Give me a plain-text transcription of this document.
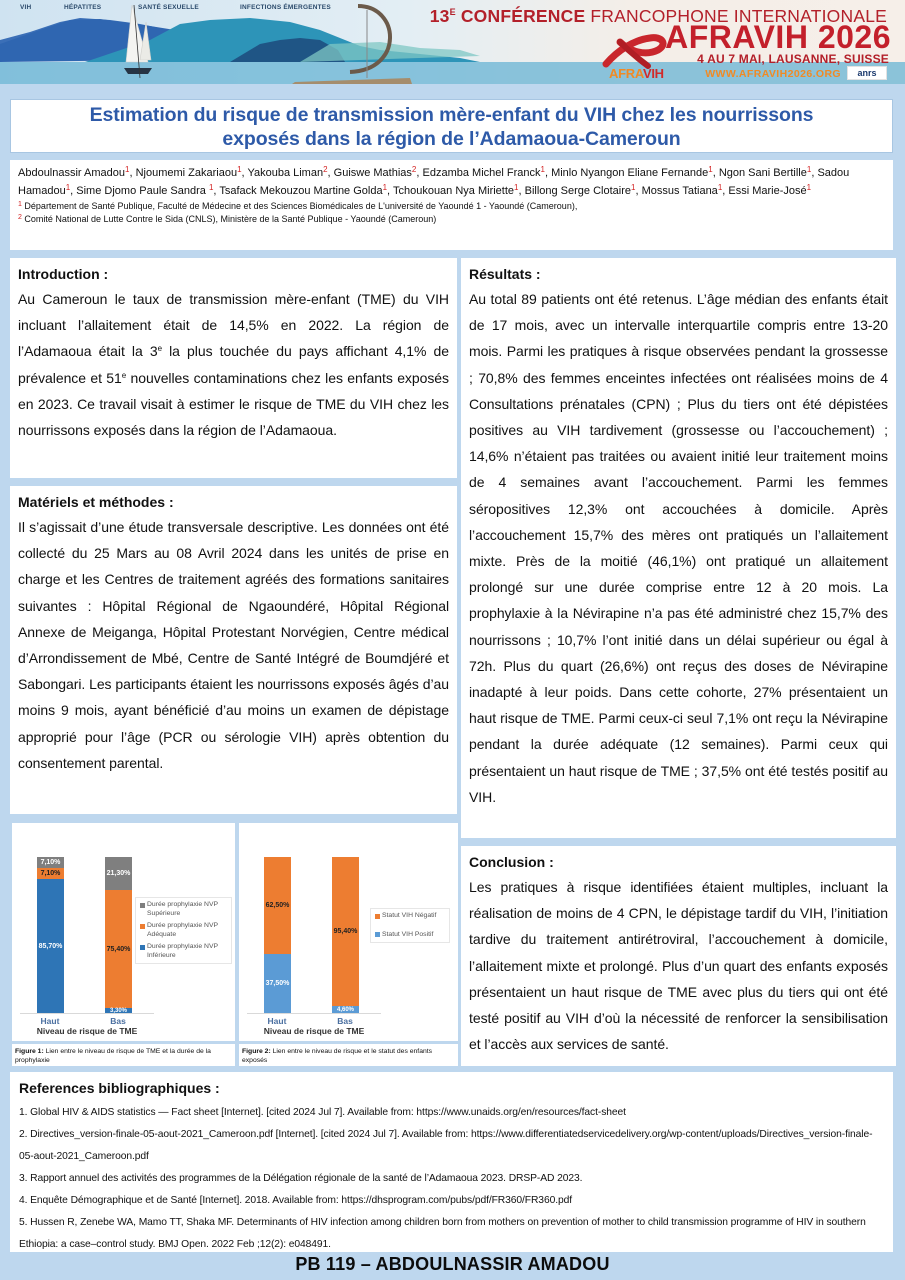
VIH	HÉPATITES	SANTÉ SEXUELLE	INFECTIONS ÉMERGENTES	$13^E$ CONFÉRENCE FRANCOPHONE INTERNATIONALE
AFRAVIH 2026
4 AU 7 MAI, LAUSANNE, SUISSE
WWW.AFRAVIH2026.ORG	anrs
AFRAVIH
Estimation du risque de transmission mère-enfant du VIH chez les nourrissons
exposés dans la région de l’Adamaoua-Cameroun
Abdoulnassir Amadou$^1$, Njoumemi Zakariaou$^1$, Yakouba Liman$^2$, Guiswe Mathias$^2$, Edzamba Michel Franck$^1$, Minlo Nyangon Eliane Fernande$^1$, Ngon Sani Bertille$^1$, Sadou Hamadou$^1$, Sime Djomo Paule Sandra $^1$, Tsafack Mekouzou Martine Golda$^1$, Tchoukouan Nya Miriette$^1$, Billong Serge Clotaire$^1$, Mossus Tatiana$^1$, Essi Marie-José$^1$
$^1$ Département de Santé Publique, Faculté de Médecine et des Sciences Biomédicales de L'université de Yaoundé 1 - Yaoundé (Cameroun),
$^2$ Comité National de Lutte Contre le Sida (CNLS), Ministère de la Santé Publique - Yaoundé (Cameroun)
Introduction :

Au Cameroun le taux de transmission mère-enfant (TME) du VIH incluant l’allaitement était de 14,5% en 2022. La région de l’Adamaoua était la 3e la plus touchée du pays affichant 4,1% de prévalence et 51e nouvelles contaminations chez les enfants exposés en 2023. Ce travail visait à estimer le risque de TME du VIH chez les nourrissons exposés dans la région de l’Adamaoua.

Matériels et méthodes :

Il s’agissait d’une étude transversale descriptive. Les données ont été collecté du 25 Mars au 08 Avril 2024 dans les unités de prise en charge et les Centres de traitement agréés des formations sanitaires suivantes : Hôpital Régional de Ngaoundéré, Hôpital Régional Annexe de Meiganga, Hôpital Protestant Norvégien, Centre médical d’Arrondissement de Mbé, Centre de Santé Intégré de Boumdjéré et Sabongari. Les participants étaient les nourrissons exposés âgés d’au moins 9 mois, ayant bénéficié d’au moins un examen de dépistage approprié pour l’âge (PCR ou sérologie VIH) après obtention du consentement parental.

Résultats :

Au total 89 patients ont été retenus. L’âge médian des enfants était de 17 mois, avec un intervalle interquartile compris entre 13-20 mois. Parmi les pratiques à risque observées pendant la grossesse ; 70,8% des femmes enceintes infectées ont réalisées moins de 4 Consultations prénatales (CPN) ; Plus du tiers ont été dépistées positives au VIH tardivement (grossesse ou l’accouchement) ; 14,6% n’étaient pas traitées ou avaient initié leur traitement moins de 4 semaines avant l’accouchement. Parmi les femmes séropositives 12,3% ont accouchées à domicile. Après l’accouchement 15,7% des mères ont pratiqués un l’allaitement mixte. Près de la moitié (46,1%) ont pratiqué un allaitement prolongé sur une durée comprise entre 12 à 20 mois. La prophylaxie à la Névirapine n’a pas été administré chez 15,7% des nourrissons ; 10,7% l’ont initié dans un délai supérieur ou égal à 72h. Plus du quart (26,6%) ont reçus des doses de Névirapine inadapté à leur poids. Dans cette cohorte, 27% présentaient un haut risque de TME. Parmi ceux-ci seul 7,1% ont reçu la Névirapine pendant la durée adéquate (12 semaines). Parmi ceux qui présentaient un haut risque de TME ; 37,5% ont été testés positif au VIH.

Conclusion :

Les pratiques à risque identifiées étaient multiples, incluant la réalisation de moins de 4 CPN, le dépistage tardif du VIH, l’initiation tardive du traitement antirétroviral, l’accouchement à domicile, l’allaitement mixte et prolongé. Plus d’un quart des enfants exposés présentaient un haut risque de TME avec plus du tiers qui ont été testé positif au VIH d’où la nécessité de renforcer la sensibilisation et l’accès aux services de santé.

7,10%
7,10%
85,70%
21,30%
75,40%
3,30%
Haut	Bas
Niveau de risque de TME
Durée prophylaxie NVP Supérieure
Durée prophylaxie NVP Adéquate
Durée prophylaxie NVP Inférieure
Figure 1: Lien entre le niveau de risque de TME et la durée de la prophylaxie
62,50%
37,50%
95,40%
4,60%
Haut	Bas
Niveau de risque de TME
Statut VIH Négatif
Statut VIH Positif
Figure 2: Lien entre le niveau de risque et le statut des enfants exposés
References bibliographiques :
1. Global HIV & AIDS statistics — Fact sheet [Internet]. [cited 2024 Jul 7]. Available from: https://www.unaids.org/en/resources/fact-sheet
2. Directives_version-finale-05-aout-2021_Cameroon.pdf [Internet]. [cited 2024 Jul 7]. Available from: https://www.differentiatedservicedelivery.org/wp-content/uploads/Directives_version-finale-05-aout-2021_Cameroon.pdf
3. Rapport annuel des activités des programmes de la Délégation régionale de la santé de l’Adamaoua 2023. DRSP-AD 2023.
4. Enquête Démographique et de Santé [Internet]. 2018. Available from: https://dhsprogram.com/pubs/pdf/FR360/FR360.pdf
5. Hussen R, Zenebe WA, Mamo TT, Shaka MF. Determinants of HIV infection among children born from mothers on prevention of mother to child transmission programme of HIV in southern Ethiopia: a case–control study. BMJ Open. 2022 Feb ;12(2): e048491.
PB 119 – ABDOULNASSIR AMADOU
